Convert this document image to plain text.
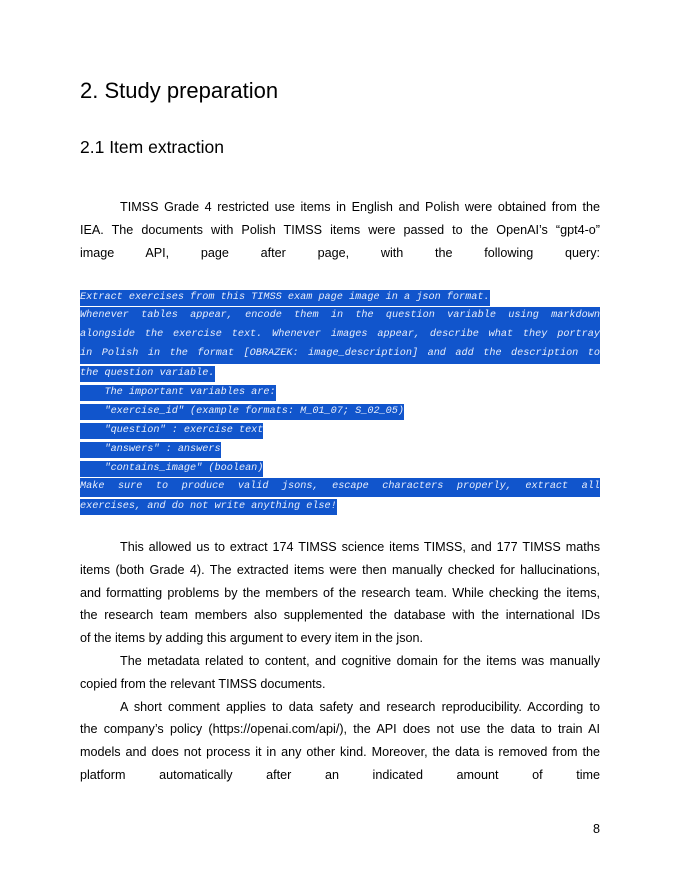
2. Study preparation
2.1 Item extraction
TIMSS Grade 4 restricted use items in English and Polish were obtained from the
IEA. The documents with Polish TIMSS items were passed to the OpenAI’s “gpt4-o”
image API, page after page, with the following query:
Extract exercises from this TIMSS exam page image in a json format.
Whenever tables appear, encode them in the question variable using markdown
alongside the exercise text. Whenever images appear, describe what they portray
in Polish in the format [OBRAZEK: image_description] and add the description to
the question variable.
The important variables are:
"exercise_id" (example formats: M_01_07; S_02_05)
"question" : exercise text
"answers" : answers
"contains_image" (boolean)
Make sure to produce valid jsons, escape characters properly, extract all
exercises, and do not write anything else!
This allowed us to extract 174 TIMSS science items TIMSS, and 177 TIMSS maths
items (both Grade 4). The extracted items were then manually checked for hallucinations,
and formatting problems by the members of the research team. While checking the items,
the research team members also supplemented the database with the international IDs
of the items by adding this argument to every item in the json.
The metadata related to content, and cognitive domain for the items was manually
copied from the relevant TIMSS documents.
A short comment applies to data safety and research reproducibility. According to
the company’s policy (https://openai.com/api/), the API does not use the data to train AI
models and does not process it in any other kind. Moreover, the data is removed from the
platform automatically after an indicated amount of time
8
